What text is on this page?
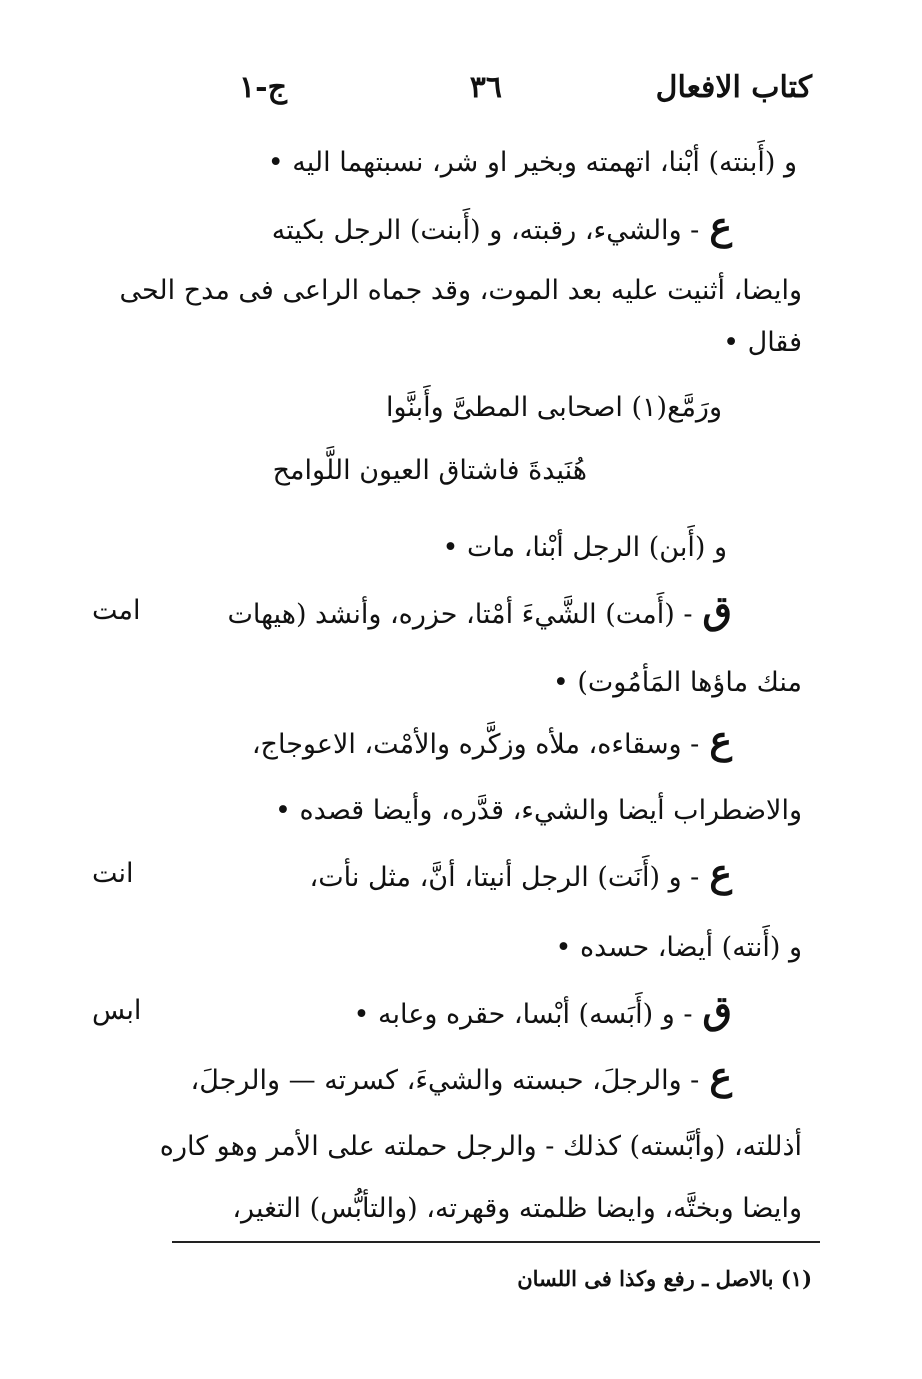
كتاب الافعال
٣٦
ج-١
و (أَبنته) أبْنا، اتهمته وبخير او شر، نسبتهما اليه •
ع- والشيء، رقبته، و (أَبنت) الرجل بكيته
وايضا، أثنيت عليه بعد الموت، وقد جماه الراعى فى مدح الحى
فقال •
ورَمَّع(١) اصحابى المطىَّ وأَبنَّوا
هُنَيدةَ فاشتاق العيون اللَّوامح
و (أَبن) الرجل أبْنا، مات •
ق- (أَمت) الشَّيءَ أمْتا، حزره، وأنشد (هيهات
منك ماؤها المَأمُوت) •
ع- وسقاءه، ملأه وزكَّره والأمْت، الاعوجاج،
والاضطراب أيضا والشيء، قدَّره، وأيضا قصده •
ع- و (أَنَت) الرجل أنيتا، أنَّ، مثل نأت،
و (أَنته) أيضا، حسده •
ق- و (أَبَسه) أبْسا، حقره وعابه •
ع- والرجلَ، حبسته والشيءَ، كسرته — والرجلَ،
أذللته، (وأبَّسته) كذلك - والرجل حملته على الأمر وهو كاره
وايضا وبختَّه، وايضا ظلمته وقهرته، (والتأبُّس) التغير،
امت
انت
ابس
(١) بالاصل ـ رفع وكذا فى اللسان
